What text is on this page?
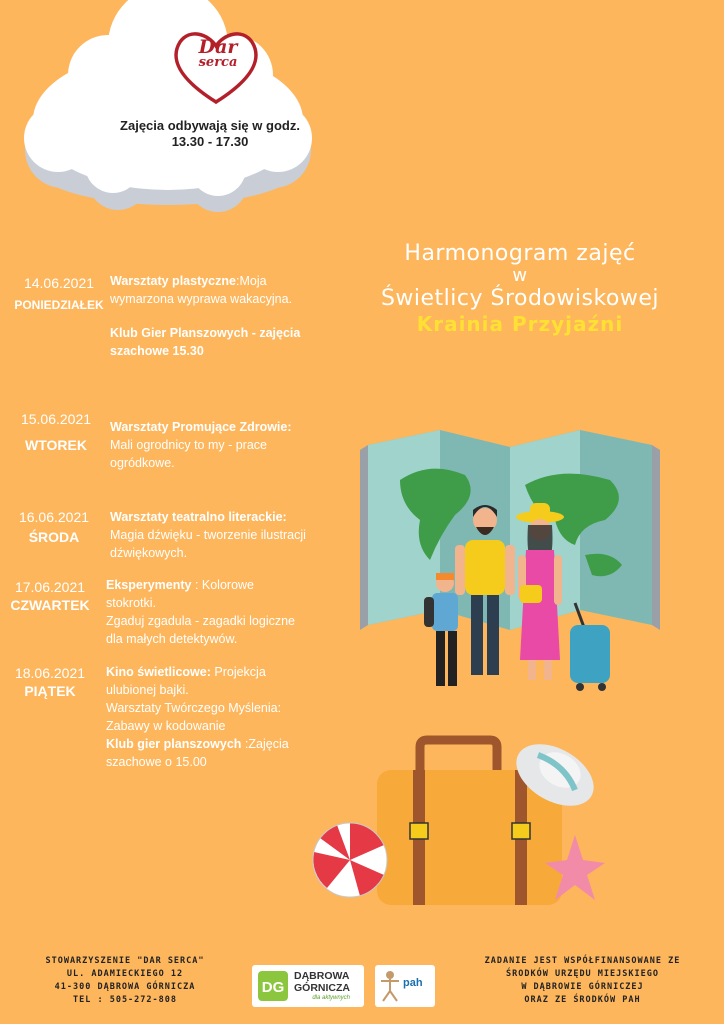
Dar
serca
Zajęcia odbywają się w godz.
13.30 - 17.30
Harmonogram zajęć
w
Świetlicy Środowiskowej
Krainia Przyjaźni
14.06.2021
PONIEDZIAŁEK
Warsztaty plastyczne:Moja wymarzona wyprawa wakacyjna.
Klub Gier Planszowych - zajęcia szachowe 15.30
15.06.2021
WTOREK
Warsztaty Promujące Zdrowie:
Mali ogrodnicy to my - prace ogródkowe.
16.06.2021
ŚRODA
Warsztaty teatralno literackie:
Magia dźwięku - tworzenie ilustracji dźwiękowych.
17.06.2021
CZWARTEK
Eksperymenty : Kolorowe stokrotki.
Zgaduj zgadula - zagadki logiczne dla małych detektywów.
18.06.2021
PIĄTEK
Kino świetlicowe: Projekcja ulubionej bajki.
Warsztaty Twórczego Myślenia: Zabawy w kodowanie
Klub gier planszowych :Zajęcia szachowe o 15.00
STOWARZYSZENIE "DAR SERCA"
UL. ADAMIECKIEGO 12
41-300 DĄBROWA GÓRNICZA
TEL : 505-272-808
DG
DĄBROWA
GÓRNICZA
dla aktywnych
pah
ZADANIE JEST WSPÓŁFINANSOWANE ZE
ŚRODKÓW URZĘDU MIEJSKIEGO
W DĄBROWIE GÓRNICZEJ
ORAZ ZE ŚRODKÓW PAH
